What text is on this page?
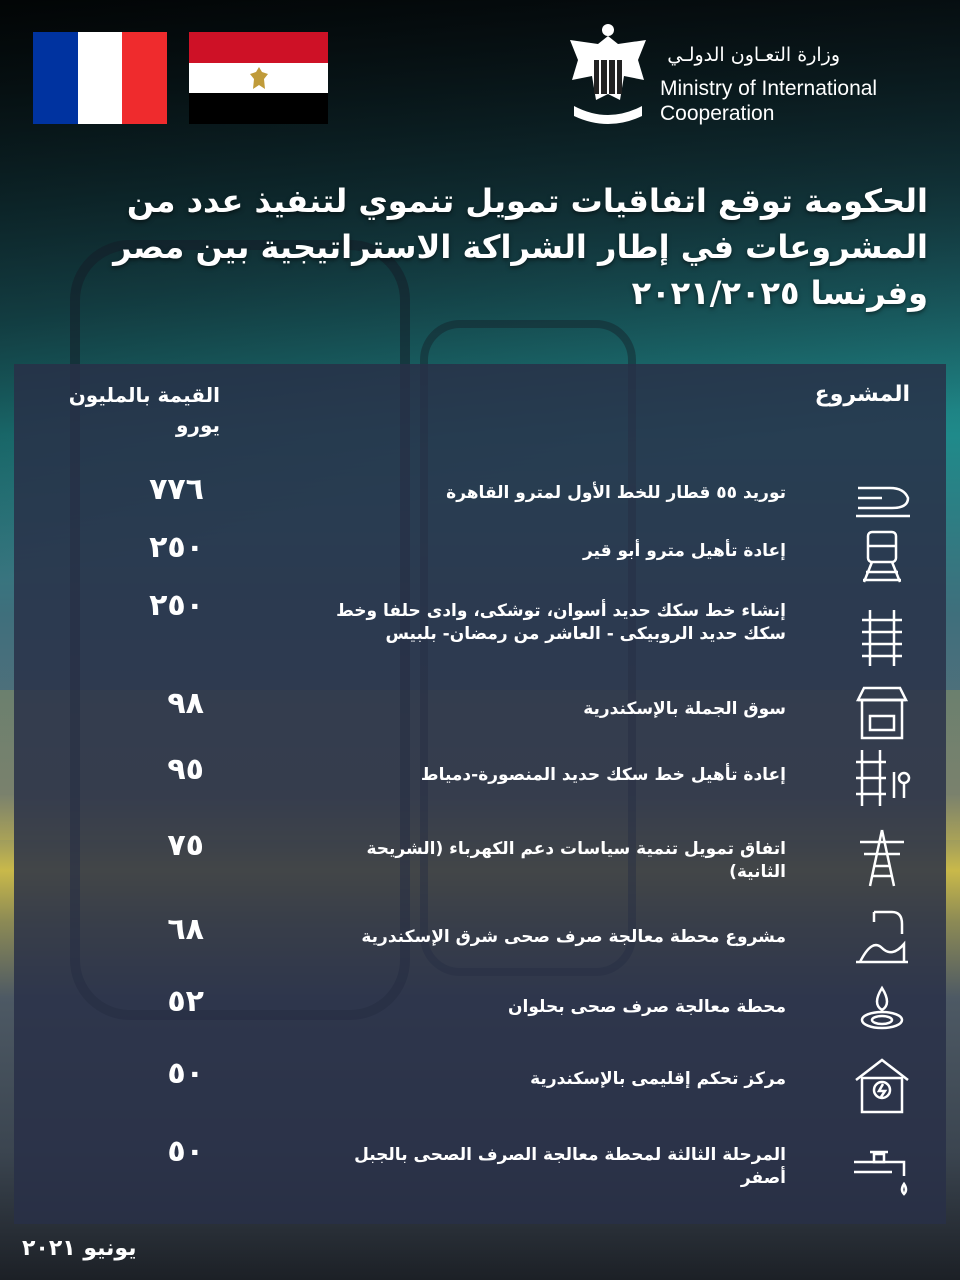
وزارة التعـاون الدولـي
Ministry of International Cooperation
الحكومة توقع اتفاقيات تمويل تنموي لتنفيذ عدد من المشروعات في إطار الشراكة الاستراتيجية بين مصر وفرنسا ٢٠٢١/٢٠٢٥
المشروع
القيمة بالمليون يورو
توريد ٥٥ قطار للخط الأول لمترو القاهرة
٧٧٦
إعادة تأهيل مترو أبو قير
٢٥٠
إنشاء خط سكك حديد أسوان، توشكى، وادى حلفا وخط سكك حديد الروبيكى - العاشر من رمضان- بلبيس
٢٥٠
سوق الجملة بالإسكندرية
٩٨
إعادة تأهيل خط سكك حديد المنصورة-دمياط
٩٥
اتفاق تمويل تنمية سياسات دعم الكهرباء (الشريحة الثانية)
٧٥
مشروع محطة معالجة صرف صحى شرق الإسكندرية
٦٨
محطة معالجة صرف صحى بحلوان
٥٢
مركز تحكم إقليمى بالإسكندرية
٥٠
المرحلة الثالثة لمحطة معالجة الصرف الصحى بالجبل أصفر
٥٠
يونيو ٢٠٢١
